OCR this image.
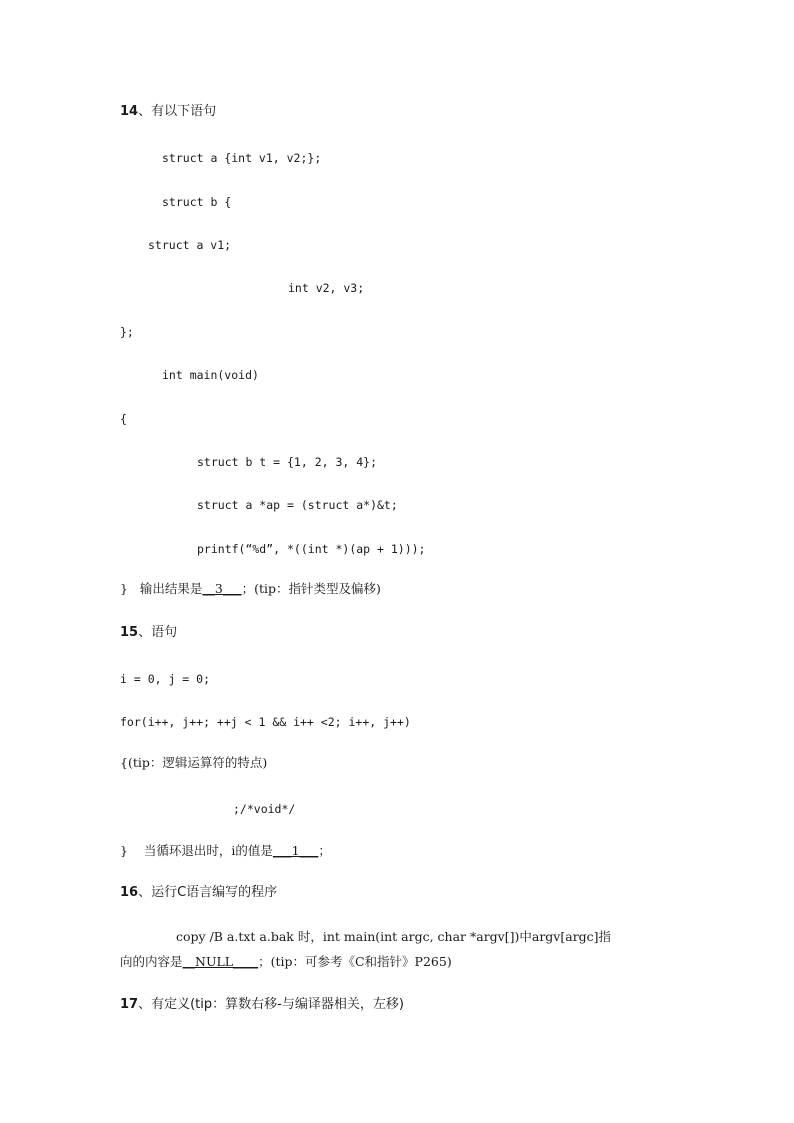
14、有以下语句
struct a {int v1, v2;};
struct b {
struct a v1;
int v2, v3;
};
int main(void)
{
struct b t = {1, 2, 3, 4};
struct a *ap = (struct a*)&t;
printf(“%d”, *((int *)(ap + 1)));
}   输出结果是__3___；(tip：指针类型及偏移)
15、语句
i = 0, j = 0;
for(i++, j++; ++j < 1 && i++ <2; i++, j++)
{(tip：逻辑运算符的特点)
;/*void*/
}    当循环退出时，i的值是___1___；
16、运行C语言编写的程序
copy /B a.txt a.bak 时，int main(int argc, char *argv[])中argv[argc]指
向的内容是__NULL____；(tip：可参考《C和指针》P265)
17、有定义(tip：算数右移-与编译器相关，左移)
